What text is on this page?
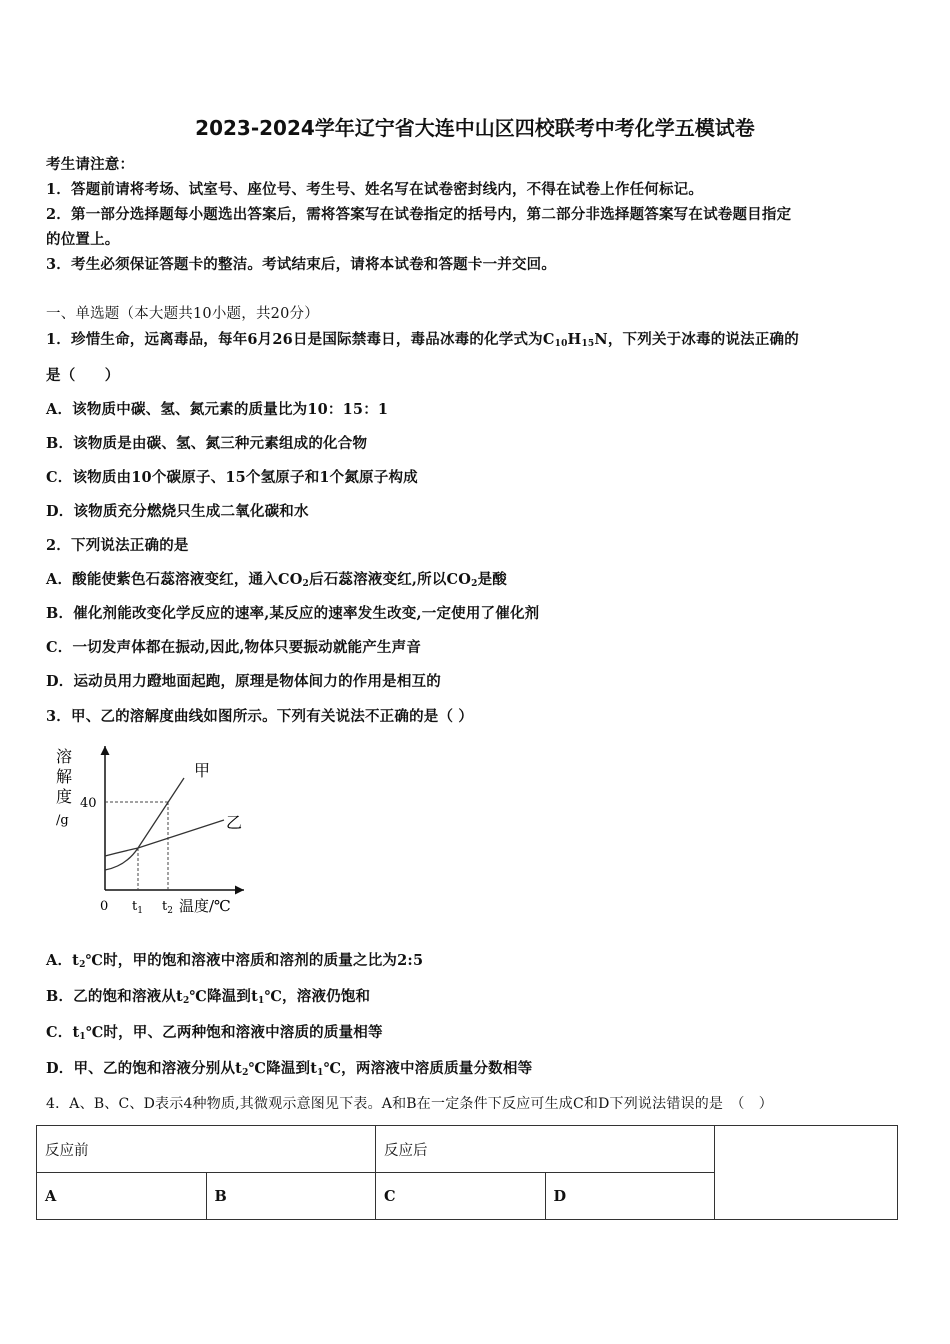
2023-2024学年辽宁省大连中山区四校联考中考化学五模试卷
考生请注意：
1．答题前请将考场、试室号、座位号、考生号、姓名写在试卷密封线内，不得在试卷上作任何标记。
2．第一部分选择题每小题选出答案后，需将答案写在试卷指定的括号内，第二部分非选择题答案写在试卷题目指定
的位置上。
3．考生必须保证答题卡的整洁。考试结束后，请将本试卷和答题卡一并交回。
一、单选题（本大题共10小题，共20分）
1．珍惜生命，远离毒品，每年6月26日是国际禁毒日，毒品冰毒的化学式为$C_{10}H_{15}N$，下列关于冰毒的说法正确的
是（　　）
A．该物质中碳、氢、氮元素的质量比为10：15：1
B．该物质是由碳、氢、氮三种元素组成的化合物
C．该物质由10个碳原子、15个氢原子和1个氮原子构成
D．该物质充分燃烧只生成二氧化碳和水
2．下列说法正确的是
A．酸能使紫色石蕊溶液变红，通入$CO_2$后石蕊溶液变红,所以$CO_2$是酸
B．催化剂能改变化学反应的速率,某反应的速率发生改变,一定使用了催化剂
C．一切发声体都在振动,因此,物体只要振动就能产生声音
D．运动员用力蹬地面起跑，原理是物体间力的作用是相互的
3．甲、乙的溶解度曲线如图所示。下列有关说法不正确的是（ ）
溶
解
度
/g
40
0 $t_1$ $t_2$ 温度/℃
甲
乙
A．$t_2℃$时，甲的饱和溶液中溶质和溶剂的质量之比为2:5
B．乙的饱和溶液从$t_2℃$降温到$t_1℃$，溶液仍饱和
C．$t_1℃$时，甲、乙两种饱和溶液中溶质的质量相等
D．甲、乙的饱和溶液分别从$t_2℃$降温到$t_1℃$，两溶液中溶质质量分数相等
4．A、B、C、D表示4种物质,其微观示意图见下表。A和B在一定条件下反应可生成C和D下列说法错误的是　（　）
反应前		反应后		
A	B	C	D	
